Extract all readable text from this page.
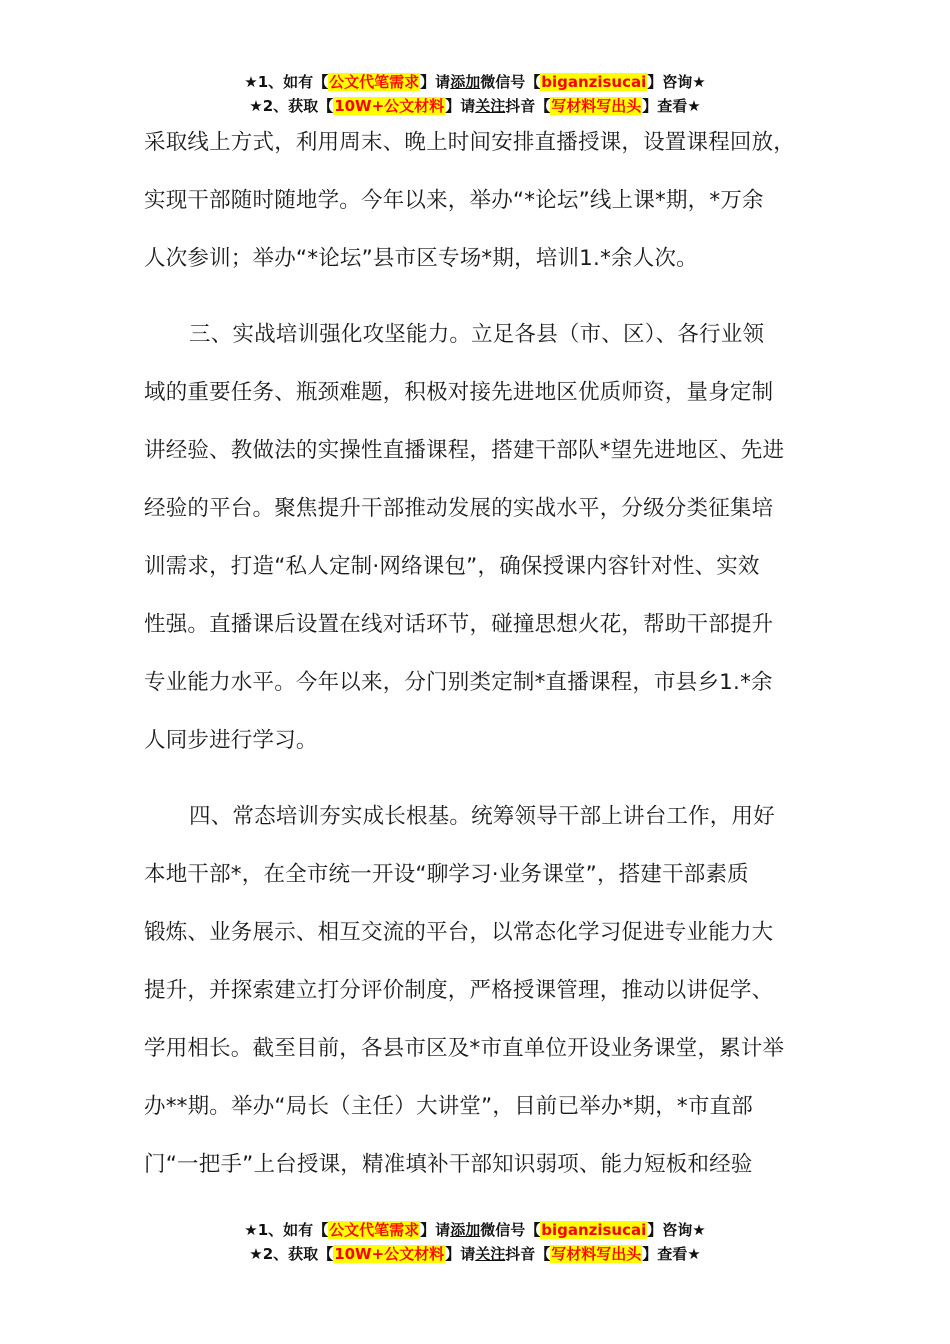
★1、如有【公文代笔需求】请添加微信号【biganzisucai】咨询★
★2、获取【10W+公文材料】请关注抖音【写材料写出头】查看★

采取线上方式，利用周末、晚上时间安排直播授课，设置课程回放，
实现干部随时随地学。今年以来，举办“*论坛”线上课*期，*万余
人次参训；举办“*论坛”县市区专场*期，培训1.*余人次。

三、实战培训强化攻坚能力。立足各县（市、区）、各行业领
域的重要任务、瓶颈难题，积极对接先进地区优质师资，量身定制
讲经验、教做法的实操性直播课程，搭建干部队*望先进地区、先进
经验的平台。聚焦提升干部推动发展的实战水平，分级分类征集培
训需求，打造“私人定制·网络课包”，确保授课内容针对性、实效
性强。直播课后设置在线对话环节，碰撞思想火花，帮助干部提升
专业能力水平。今年以来，分门别类定制*直播课程，市县乡1.*余
人同步进行学习。

四、常态培训夯实成长根基。统筹领导干部上讲台工作，用好
本地干部*，在全市统一开设“聊学习·业务课堂”，搭建干部素质
锻炼、业务展示、相互交流的平台，以常态化学习促进专业能力大
提升，并探索建立打分评价制度，严格授课管理，推动以讲促学、
学用相长。截至目前，各县市区及*市直单位开设业务课堂，累计举
办**期。举办“局长（主任）大讲堂”，目前已举办*期，*市直部
门“一把手”上台授课，精准填补干部知识弱项、能力短板和经验

★1、如有【公文代笔需求】请添加微信号【biganzisucai】咨询★
★2、获取【10W+公文材料】请关注抖音【写材料写出头】查看★
